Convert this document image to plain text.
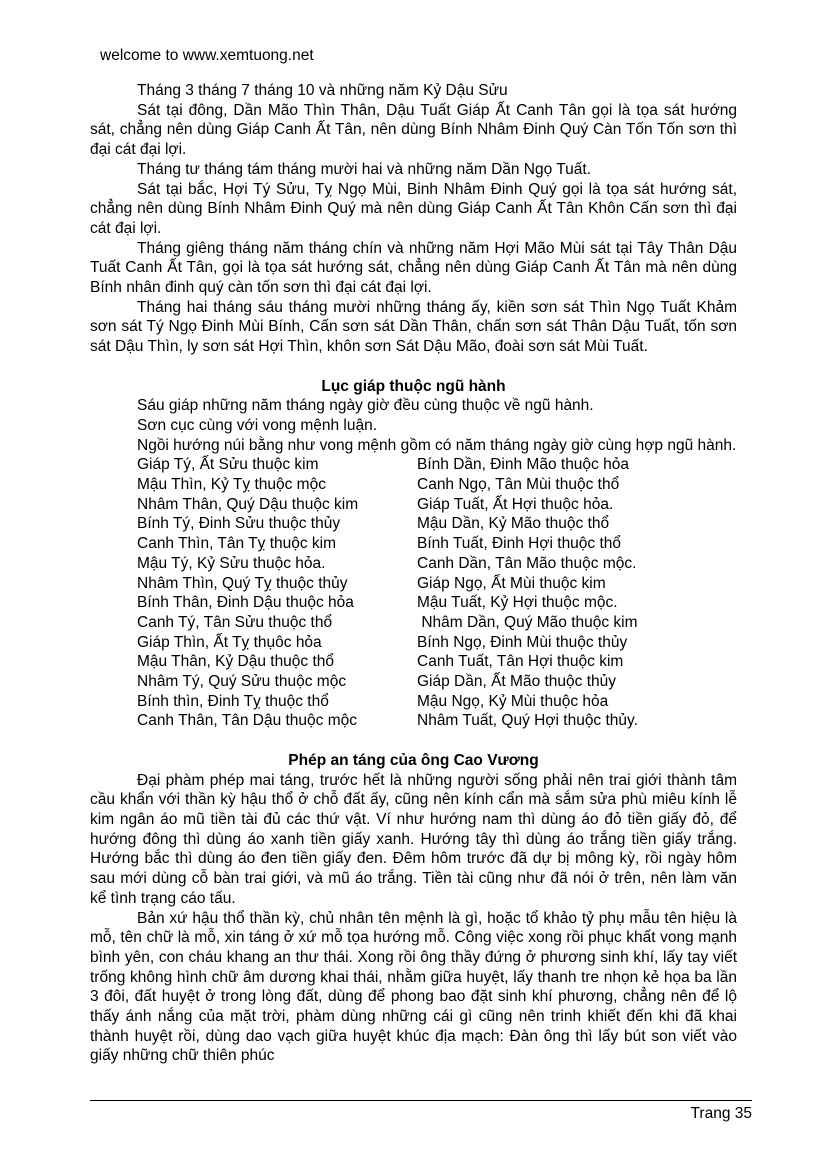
welcome to www.xemtuong.net

Tháng 3 tháng 7 tháng 10 và những năm Kỷ Dậu Sửu

Sát tại đông, Dần Mão Thìn Thân, Dậu Tuất Giáp Ất Canh Tân gọi là tọa sát hướng sát, chẳng nên dùng Giáp Canh Ất Tân, nên dùng Bính Nhâm Đinh Quý Càn Tốn Tốn sơn thì đại cát đại lợi.

Tháng tư tháng tám tháng mười hai và những năm Dần Ngọ Tuất.

Sát tại bắc, Hợi Tý Sửu, Tỵ Ngọ Mùi, Binh Nhâm Đinh Quý gọi là tọa sát hướng sát, chẳng nên dùng Bính Nhâm Đinh Quý mà nên dùng Giáp Canh Ất Tân Khôn Cấn sơn thì đại cát đại lợi.

Tháng giêng tháng năm tháng chín và những năm Hợi Mão Mùi sát tại Tây Thân Dậu Tuất Canh Ất Tân, gọi là tọa sát hướng sát, chẳng nên dùng Giáp Canh Ất Tân mà nên dùng Bính nhân đinh quý càn tốn sơn thì đại cát đại lợi.

Tháng hai tháng sáu tháng mười những tháng ấy, kiền sơn sát Thìn Ngọ Tuất Khảm sơn sát Tý Ngọ Đinh Mùi Bính, Cấn sơn sát Dần Thân, chấn sơn sát Thân Dậu Tuất, tốn sơn sát Dậu Thìn, ly sơn sát Hợi Thìn, khôn sơn Sát Dậu Mão, đoài sơn sát Mùi Tuất.

Lục giáp thuộc ngũ hành

Sáu giáp những năm tháng ngày giờ đều cùng thuộc về ngũ hành.

Sơn cục cùng với vong mệnh luận.

Ngồi hướng núi bằng như vong mệnh gồm có năm tháng ngày giờ cùng hợp ngũ hành.

Giáp Tý, Ất Sửu thuộc kim	Bính Dần, Đinh Mão thuộc hỏa
Mậu Thìn, Kỷ Tỵ thuộc mộc	Canh Ngọ, Tân Mùi thuộc thổ
Nhâm Thân, Quý Dậu thuộc kim	Giáp Tuất, Ất Hợi thuộc hỏa.
Bính Tý, Đinh Sửu thuộc thủy	Mậu Dần, Kỷ Mão thuộc thổ
Canh Thìn, Tân Tỵ thuộc kim	Bính Tuất, Đinh Hợi thuộc thổ
Mậu Tý, Kỷ Sửu thuộc hỏa.	Canh Dần, Tân Mão thuộc mộc.
Nhâm Thìn, Quý Tỵ thuộc thủy	Giáp Ngọ, Ất Mùi thuộc kim
Bính Thân, Đinh Dậu thuộc hỏa	Mậu Tuất, Kỷ Hợi thuộc mộc.
Canh Tý, Tân Sửu thuộc thổ	Nhâm Dần, Quý Mão thuộc kim
Giáp Thìn, Ất Tỵ thụôc hỏa	Bính Ngọ, Đinh Mùi thuộc thủy
Mậu Thân, Kỷ Dậu thuộc thổ	Canh Tuất, Tân Hợi thuộc kim
Nhâm Tý, Quý Sửu thuộc mộc	Giáp Dần, Ất Mão thuộc thủy
Bính thìn, Đinh Tỵ thuộc thổ	Mậu Ngọ, Kỷ Mùi thuộc hỏa
Canh Thân, Tân Dậu thuộc mộc	Nhâm Tuất, Quý Hợi thuộc thủy.
Phép an táng của ông Cao Vương

Đại phàm phép mai táng, trước hết là những người sống phải nên trai giới thành tâm cầu khẩn với thần kỳ hậu thổ ở chỗ đất ấy, cũng nên kính cẩn mà sắm sửa phù miêu kính lễ kim ngân áo mũ tiền tài đủ các thứ vật. Ví như hướng nam thì dùng áo đỏ tiền giấy đỏ, để hướng đông thì dùng áo xanh tiền giấy xanh. Hướng tây thì dùng áo trắng tiền giấy trắng. Hướng bắc thì dùng áo đen tiền giấy đen. Đêm hôm trước đã dự bị mông kỳ, rồi ngày hôm sau mới dùng cỗ bàn trai giới, và mũ áo trắng. Tiền tài cũng như đã nói ở trên, nên làm văn kể tình trạng cáo tấu.

Bản xứ hậu thổ thần kỳ, chủ nhân tên mệnh là gì, hoặc tổ khảo tỷ phụ mẫu tên hiệu là mỗ, tên chữ là mỗ, xin táng ở xứ mỗ tọa hướng mỗ. Công việc xong rồi phục khất vong mạnh bình yên, con cháu khang an thư thái. Xong rồi ông thầy đứng ở phương sinh khí, lấy tay viết trống không hình chữ âm dương khai thái, nhằm giữa huyệt, lấy thanh tre nhọn kẻ họa ba lần 3 đôi, đất huyệt ở trong lòng đất, dùng để phong bao đặt sinh khí phương, chẳng nên để lộ thấy ánh nắng của mặt trời, phàm dùng những cái gì cũng nên trinh khiết đến khi đã khai thành huyệt rồi, dùng dao vạch giữa huyệt khúc địa mạch: Đàn ông thì lấy bút son viết vào giấy những chữ thiên phúc

Trang 35
